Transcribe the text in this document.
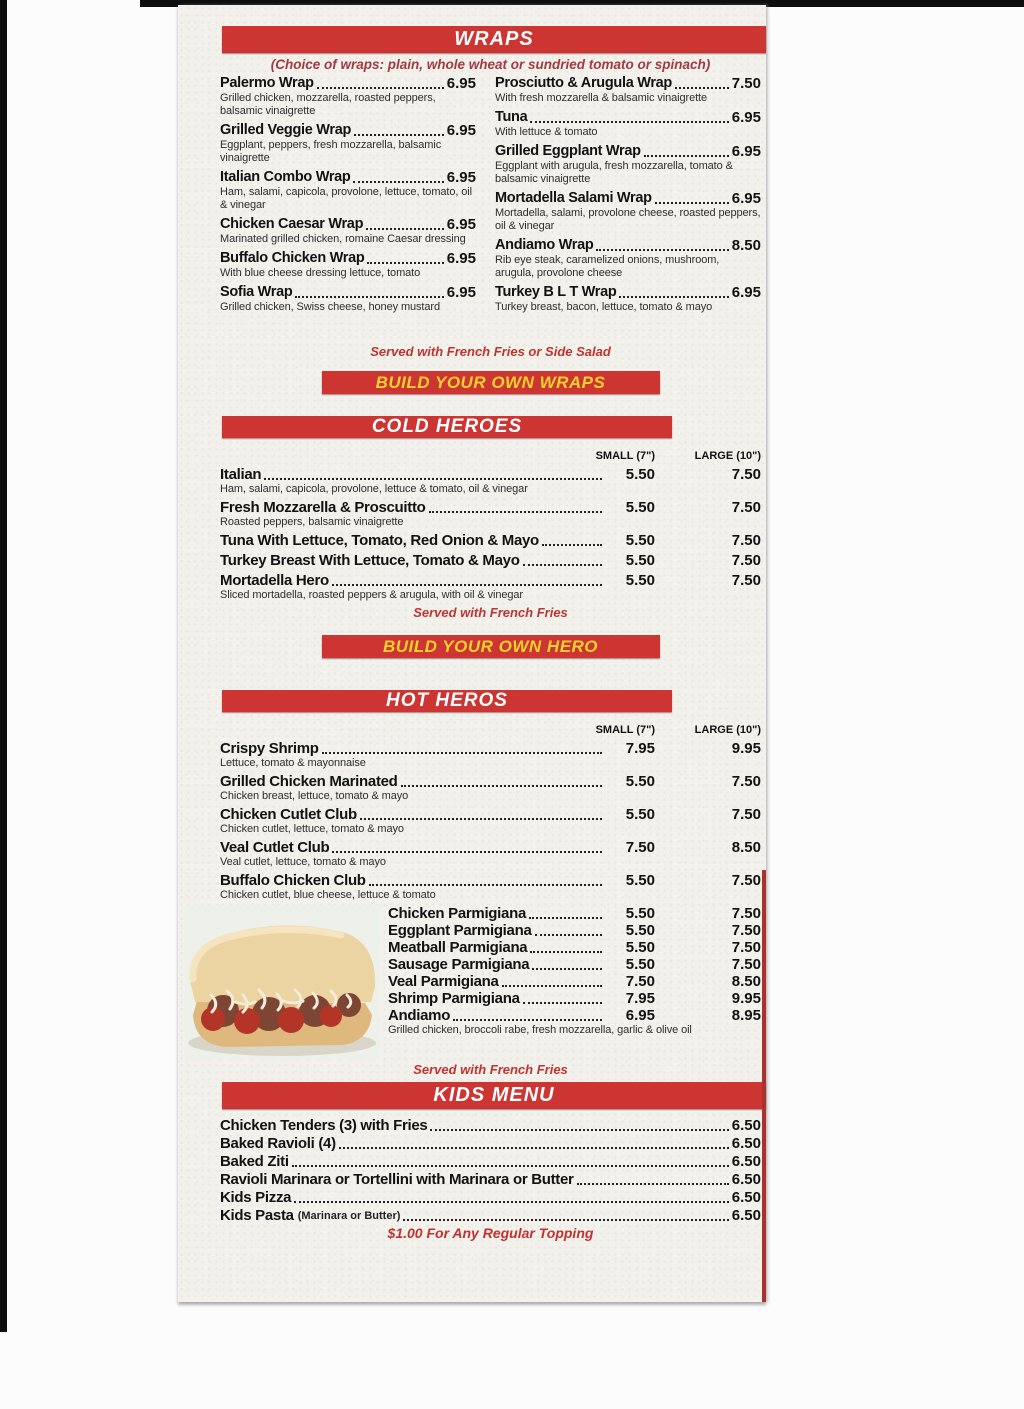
WRAPS
(Choice of wraps: plain, whole wheat or sundried tomato or spinach)
Palermo Wrap	6.95
Grilled chicken, mozzarella, roasted peppers, balsamic vinaigrette
Grilled Veggie Wrap	6.95
Eggplant, peppers, fresh mozzarella, balsamic vinaigrette
Italian Combo Wrap	6.95
Ham, salami, capicola, provolone, lettuce, tomato, oil & vinegar
Chicken Caesar Wrap	6.95
Marinated grilled chicken, romaine Caesar dressing
Buffalo Chicken Wrap	6.95
With blue cheese dressing lettuce, tomato
Sofia Wrap	6.95
Grilled chicken, Swiss cheese, honey mustard
Prosciutto & Arugula Wrap	7.50
With fresh mozzarella & balsamic vinaigrette
Tuna	6.95
With lettuce & tomato
Grilled Eggplant Wrap	6.95
Eggplant with arugula, fresh mozzarella, tomato & balsamic vinaigrette
Mortadella Salami Wrap	6.95
Mortadella, salami, provolone cheese, roasted peppers, oil & vinegar
Andiamo Wrap	8.50
Rib eye steak, caramelized onions, mushroom, arugula, provolone cheese
Turkey B L T Wrap	6.95
Turkey breast, bacon, lettuce, tomato & mayo
Served with French Fries or Side Salad
BUILD YOUR OWN WRAPS
COLD HEROES
SMALL (7")	LARGE (10")
Italian	5.50	7.50
Ham, salami, capicola, provolone, lettuce & tomato, oil & vinegar
Fresh Mozzarella & Proscuitto	5.50	7.50
Roasted peppers, balsamic vinaigrette
Tuna With Lettuce, Tomato, Red Onion & Mayo	5.50	7.50
Turkey Breast With Lettuce, Tomato & Mayo	5.50	7.50
Mortadella Hero	5.50	7.50
Sliced mortadella, roasted peppers & arugula, with oil & vinegar
Served with French Fries
BUILD YOUR OWN HERO
HOT HEROS
SMALL (7")	LARGE (10")
Crispy Shrimp	7.95	9.95
Lettuce, tomato & mayonnaise
Grilled Chicken Marinated	5.50	7.50
Chicken breast, lettuce, tomato & mayo
Chicken Cutlet Club	5.50	7.50
Chicken cutlet, lettuce, tomato & mayo
Veal Cutlet Club	7.50	8.50
Veal cutlet, lettuce, tomato & mayo
Buffalo Chicken Club	5.50	7.50
Chicken cutlet, blue cheese, lettuce & tomato
Chicken Parmigiana	5.50	7.50
Eggplant Parmigiana	5.50	7.50
Meatball Parmigiana	5.50	7.50
Sausage Parmigiana	5.50	7.50
Veal Parmigiana	7.50	8.50
Shrimp Parmigiana	7.95	9.95
Andiamo	6.95	8.95
Grilled chicken, broccoli rabe, fresh mozzarella, garlic & olive oil
Served with French Fries
KIDS MENU
Chicken Tenders (3) with Fries	6.50
Baked Ravioli (4)	6.50
Baked Ziti	6.50
Ravioli Marinara or Tortellini with Marinara or Butter	6.50
Kids Pizza	6.50
Kids Pasta (Marinara or Butter)	6.50
$1.00 For Any Regular Topping
